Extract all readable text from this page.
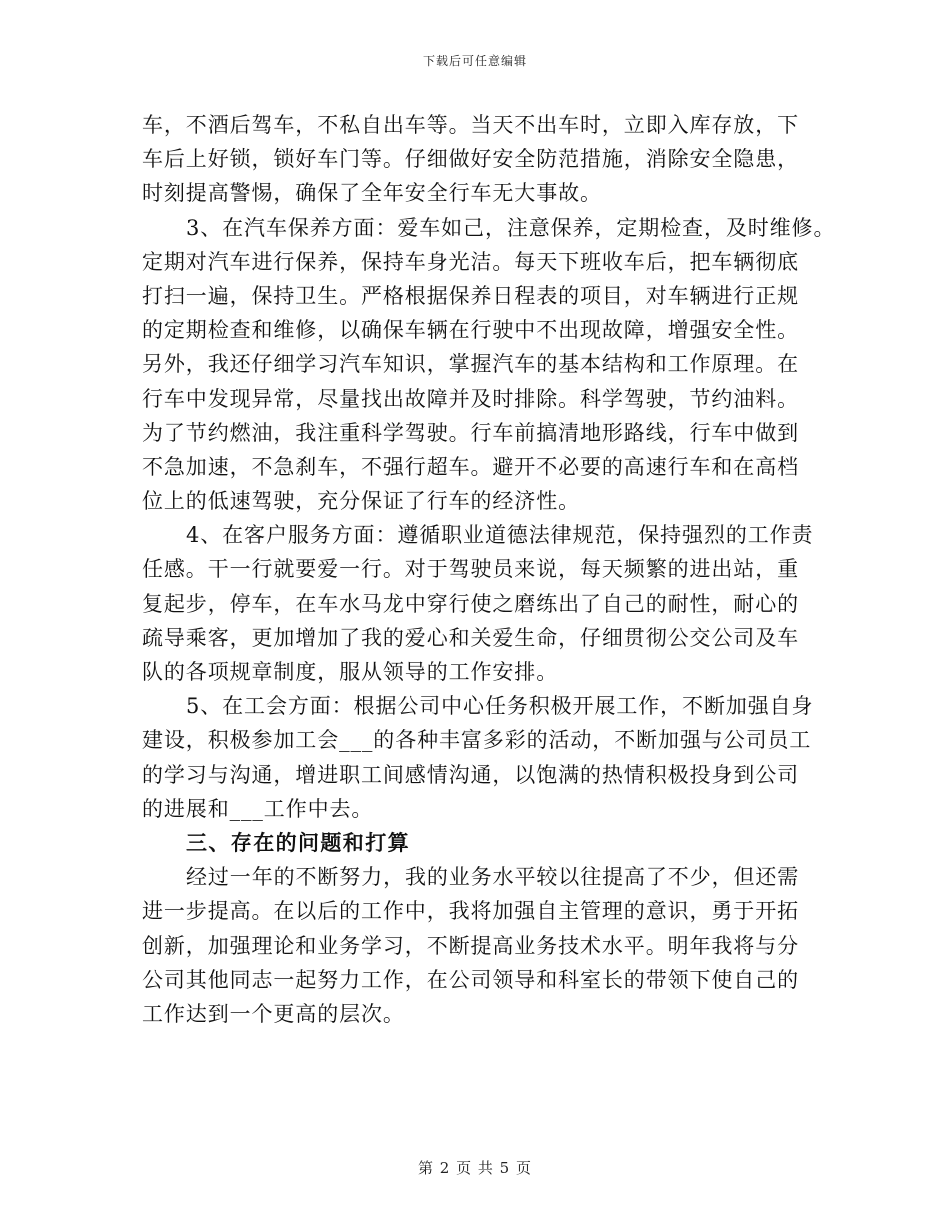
下载后可任意编辑
车，不酒后驾车，不私自出车等。当天不出车时，立即入库存放，下
车后上好锁，锁好车门等。仔细做好安全防范措施，消除安全隐患，
时刻提高警惕，确保了全年安全行车无大事故。
3、在汽车保养方面：爱车如己，注意保养，定期检查，及时维修。
定期对汽车进行保养，保持车身光洁。每天下班收车后，把车辆彻底
打扫一遍，保持卫生。严格根据保养日程表的项目，对车辆进行正规
的定期检查和维修，以确保车辆在行驶中不出现故障，增强安全性。
另外，我还仔细学习汽车知识，掌握汽车的基本结构和工作原理。在
行车中发现异常，尽量找出故障并及时排除。科学驾驶，节约油料。
为了节约燃油，我注重科学驾驶。行车前搞清地形路线，行车中做到
不急加速，不急刹车，不强行超车。避开不必要的高速行车和在高档
位上的低速驾驶，充分保证了行车的经济性。
4、在客户服务方面：遵循职业道德法律规范，保持强烈的工作责
任感。干一行就要爱一行。对于驾驶员来说，每天频繁的进出站，重
复起步，停车，在车水马龙中穿行使之磨练出了自己的耐性，耐心的
疏导乘客，更加增加了我的爱心和关爱生命，仔细贯彻公交公司及车
队的各项规章制度，服从领导的工作安排。
5、在工会方面：根据公司中心任务积极开展工作，不断加强自身
建设，积极参加工会___的各种丰富多彩的活动，不断加强与公司员工
的学习与沟通，增进职工间感情沟通，以饱满的热情积极投身到公司
的进展和___工作中去。
三、存在的问题和打算
经过一年的不断努力，我的业务水平较以往提高了不少，但还需
进一步提高。在以后的工作中，我将加强自主管理的意识，勇于开拓
创新，加强理论和业务学习，不断提高业务技术水平。明年我将与分
公司其他同志一起努力工作，在公司领导和科室长的带领下使自己的
工作达到一个更高的层次。
第 2 页 共 5 页
